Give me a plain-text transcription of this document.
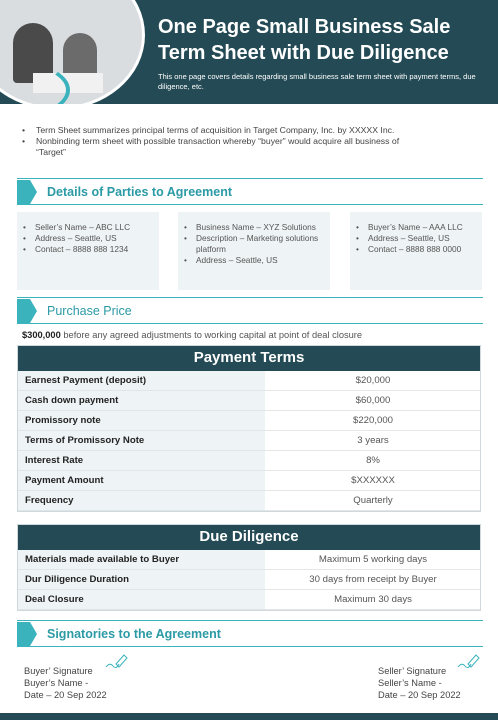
One Page Small Business Sale
Term Sheet with Due Diligence
This one page covers details regarding small business sale term sheet with payment terms, due diligence, etc.
• Term Sheet summarizes principal terms of acquisition in Target Company, Inc. by XXXXX Inc.
• Nonbinding term sheet with possible transaction whereby “buyer” would acquire all business of “Target”
Details of Parties to Agreement
• Seller’s Name – ABC LLC
• Address – Seattle, US
• Contact – 8888 888 1234
• Business Name – XYZ Solutions
• Description – Marketing solutions platform
• Address – Seattle, US
• Buyer’s Name – AAA LLC
• Address – Seattle, US
• Contact – 8888 888 0000
Purchase Price
$300,000 before any agreed adjustments to working capital at point of deal closure
Payment Terms
Earnest Payment (deposit)	$20,000
Cash down payment	$60,000
Promissory note	$220,000
Terms of Promissory Note	3 years
Interest Rate	8%
Payment Amount	$XXXXXX
Frequency	Quarterly
Due Diligence
Materials made available to Buyer	Maximum 5 working days
Dur Diligence Duration	30 days from receipt by Buyer
Deal Closure	Maximum 30 days
Signatories to the Agreement
Buyer’ Signature
Buyer’s Name -
Date – 20 Sep 2022
Seller’ Signature
Seller’s Name -
Date – 20 Sep 2022
